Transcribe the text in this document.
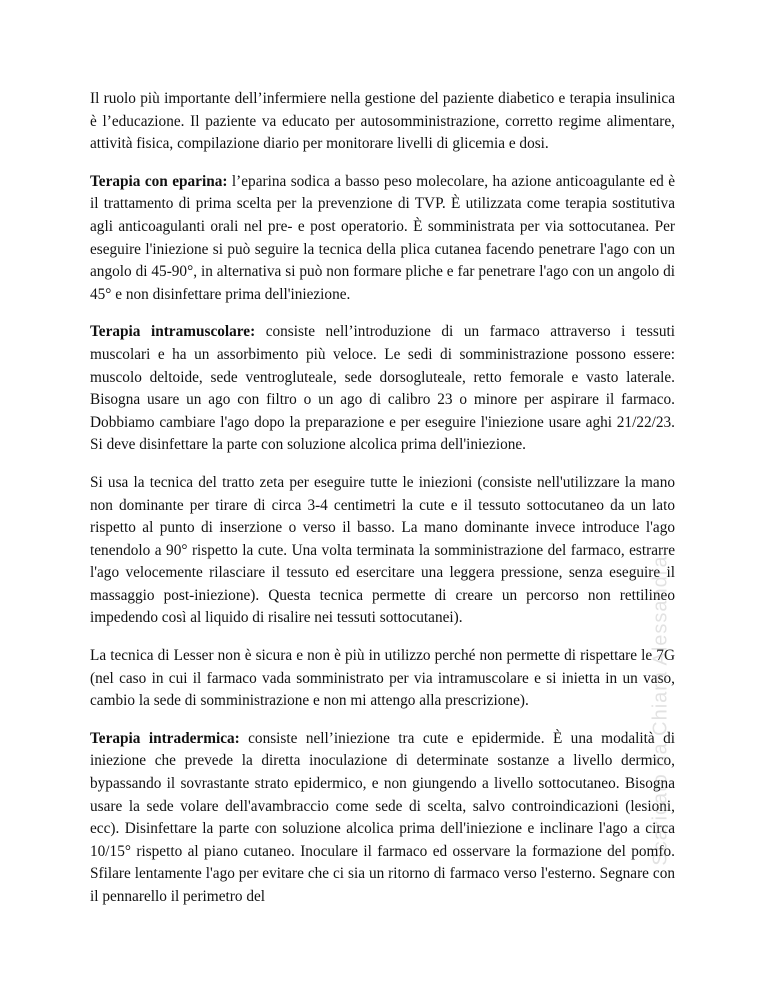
Il ruolo più importante dell’infermiere nella gestione del paziente diabetico e terapia insulinica è l’educazione. Il paziente va educato per autosomministrazione, corretto regime alimentare, attività fisica, compilazione diario per monitorare livelli di glicemia e dosi.

Terapia con eparina: l’eparina sodica a basso peso molecolare, ha azione anticoagulante ed è il trattamento di prima scelta per la prevenzione di TVP. È utilizzata come terapia sostitutiva agli anticoagulanti orali nel pre- e post operatorio. È somministrata per via sottocutanea. Per eseguire l'iniezione si può seguire la tecnica della plica cutanea facendo penetrare l'ago con un angolo di 45-90°, in alternativa si può non formare pliche e far penetrare l'ago con un angolo di 45° e non disinfettare prima dell'iniezione.

Terapia intramuscolare: consiste nell’introduzione di un farmaco attraverso i tessuti muscolari e ha un assorbimento più veloce. Le sedi di somministrazione possono essere: muscolo deltoide, sede ventrogluteale, sede dorsogluteale, retto femorale e vasto laterale. Bisogna usare un ago con filtro o un ago di calibro 23 o minore per aspirare il farmaco. Dobbiamo cambiare l'ago dopo la preparazione e per eseguire l'iniezione usare aghi 21/22/23. Si deve disinfettare la parte con soluzione alcolica prima dell'iniezione.

Si usa la tecnica del tratto zeta per eseguire tutte le iniezioni (consiste nell'utilizzare la mano non dominante per tirare di circa 3-4 centimetri la cute e il tessuto sottocutaneo da un lato rispetto al punto di inserzione o verso il basso. La mano dominante invece introduce l'ago tenendolo a 90° rispetto la cute. Una volta terminata la somministrazione del farmaco, estrarre l'ago velocemente rilasciare il tessuto ed esercitare una leggera pressione, senza eseguire il massaggio post-iniezione). Questa tecnica permette di creare un percorso non rettilineo impedendo così al liquido di risalire nei tessuti sottocutanei).

La tecnica di Lesser non è sicura e non è più in utilizzo perché non permette di rispettare le 7G (nel caso in cui il farmaco vada somministrato per via intramuscolare e si inietta in un vaso, cambio la sede di somministrazione e non mi attengo alla prescrizione).

Terapia intradermica: consiste nell’iniezione tra cute e epidermide. È una modalità di iniezione che prevede la diretta inoculazione di determinate sostanze a livello dermico, bypassando il sovrastante strato epidermico, e non giungendo a livello sottocutaneo. Bisogna usare la sede volare dell'avambraccio come sede di scelta, salvo controindicazioni (lesioni, ecc). Disinfettare la parte con soluzione alcolica prima dell'iniezione e inclinare l'ago a circa 10/15° rispetto al piano cutaneo. Inoculare il farmaco ed osservare la formazione del pomfo. Sfilare lentamente l'ago per evitare che ci sia un ritorno di farmaco verso l'esterno. Segnare con il pennarello il perimetro del

Scaricato da Chiara Alessandra
